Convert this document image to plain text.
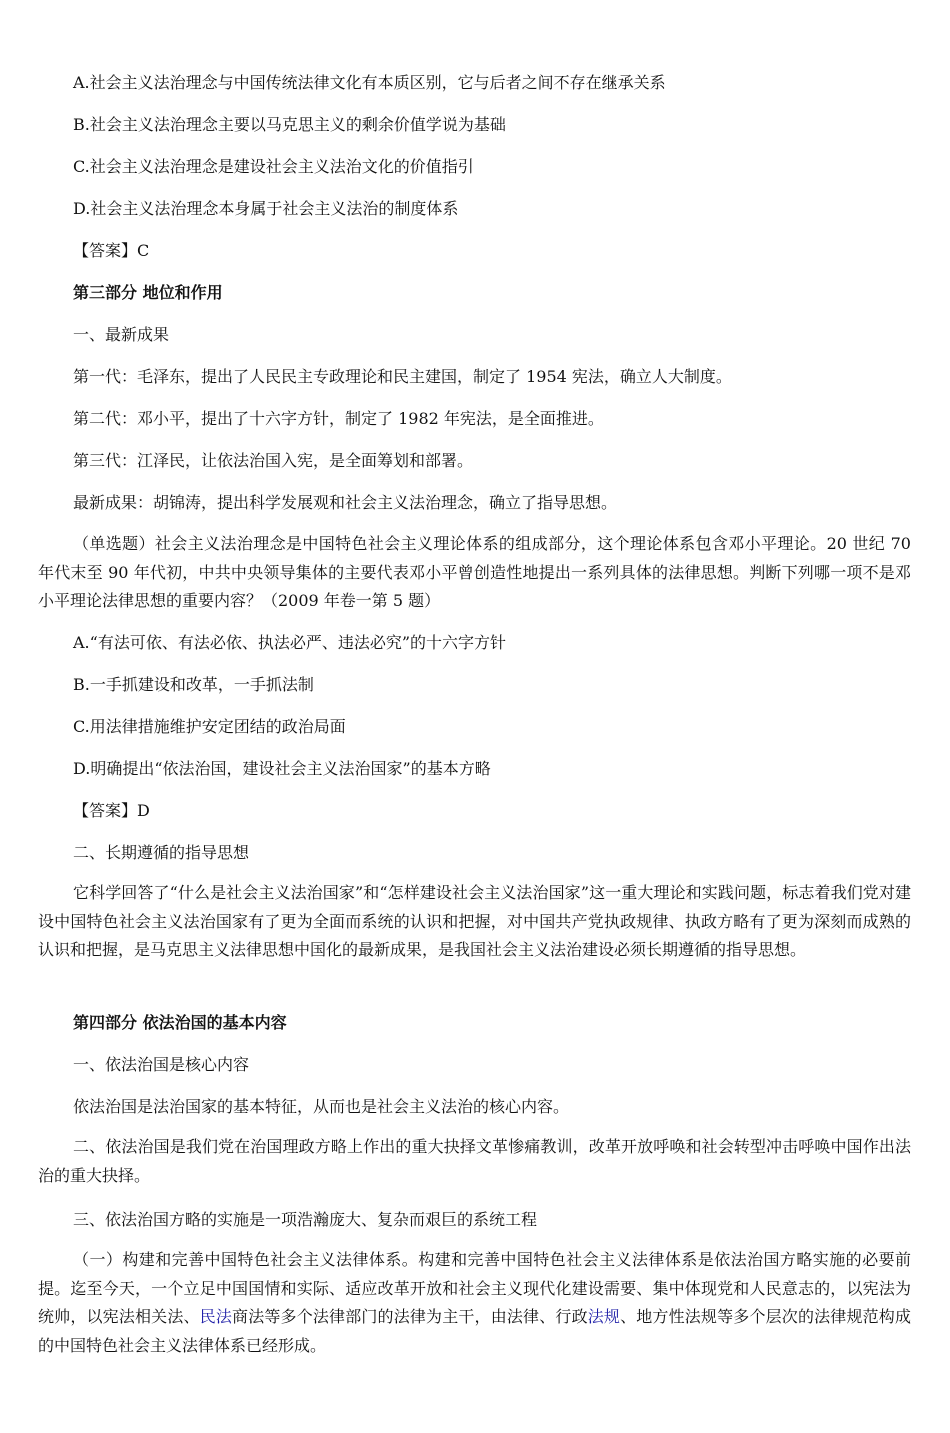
A.社会主义法治理念与中国传统法律文化有本质区别，它与后者之间不存在继承关系
B.社会主义法治理念主要以马克思主义的剩余价值学说为基础
C.社会主义法治理念是建设社会主义法治文化的价值指引
D.社会主义法治理念本身属于社会主义法治的制度体系
【答案】C
第三部分 地位和作用
一、最新成果
第一代：毛泽东，提出了人民民主专政理论和民主建国，制定了 1954 宪法，确立人大制度。
第二代：邓小平，提出了十六字方针，制定了 1982 年宪法，是全面推进。
第三代：江泽民，让依法治国入宪，是全面筹划和部署。
最新成果：胡锦涛，提出科学发展观和社会主义法治理念，确立了指导思想。
（单选题）社会主义法治理念是中国特色社会主义理论体系的组成部分，这个理论体系包含邓小平理论。20 世纪 70 年代末至 90 年代初，中共中央领导集体的主要代表邓小平曾创造性地提出一系列具体的法律思想。判断下列哪一项不是邓小平理论法律思想的重要内容？（2009 年卷一第 5 题）
A.“有法可依、有法必依、执法必严、违法必究”的十六字方针
B.一手抓建设和改革，一手抓法制
C.用法律措施维护安定团结的政治局面
D.明确提出“依法治国，建设社会主义法治国家”的基本方略
【答案】D
二、长期遵循的指导思想
它科学回答了“什么是社会主义法治国家”和“怎样建设社会主义法治国家”这一重大理论和实践问题，标志着我们党对建设中国特色社会主义法治国家有了更为全面而系统的认识和把握，对中国共产党执政规律、执政方略有了更为深刻而成熟的认识和把握，是马克思主义法律思想中国化的最新成果，是我国社会主义法治建设必须长期遵循的指导思想。
第四部分 依法治国的基本内容
一、依法治国是核心内容
依法治国是法治国家的基本特征，从而也是社会主义法治的核心内容。
二、依法治国是我们党在治国理政方略上作出的重大抉择文革惨痛教训，改革开放呼唤和社会转型冲击呼唤中国作出法治的重大抉择。
三、依法治国方略的实施是一项浩瀚庞大、复杂而艰巨的系统工程
（一）构建和完善中国特色社会主义法律体系。构建和完善中国特色社会主义法律体系是依法治国方略实施的必要前提。迄至今天，一个立足中国国情和实际、适应改革开放和社会主义现代化建设需要、集中体现党和人民意志的，以宪法为统帅，以宪法相关法、民法商法等多个法律部门的法律为主干，由法律、行政法规、地方性法规等多个层次的法律规范构成的中国特色社会主义法律体系已经形成。
